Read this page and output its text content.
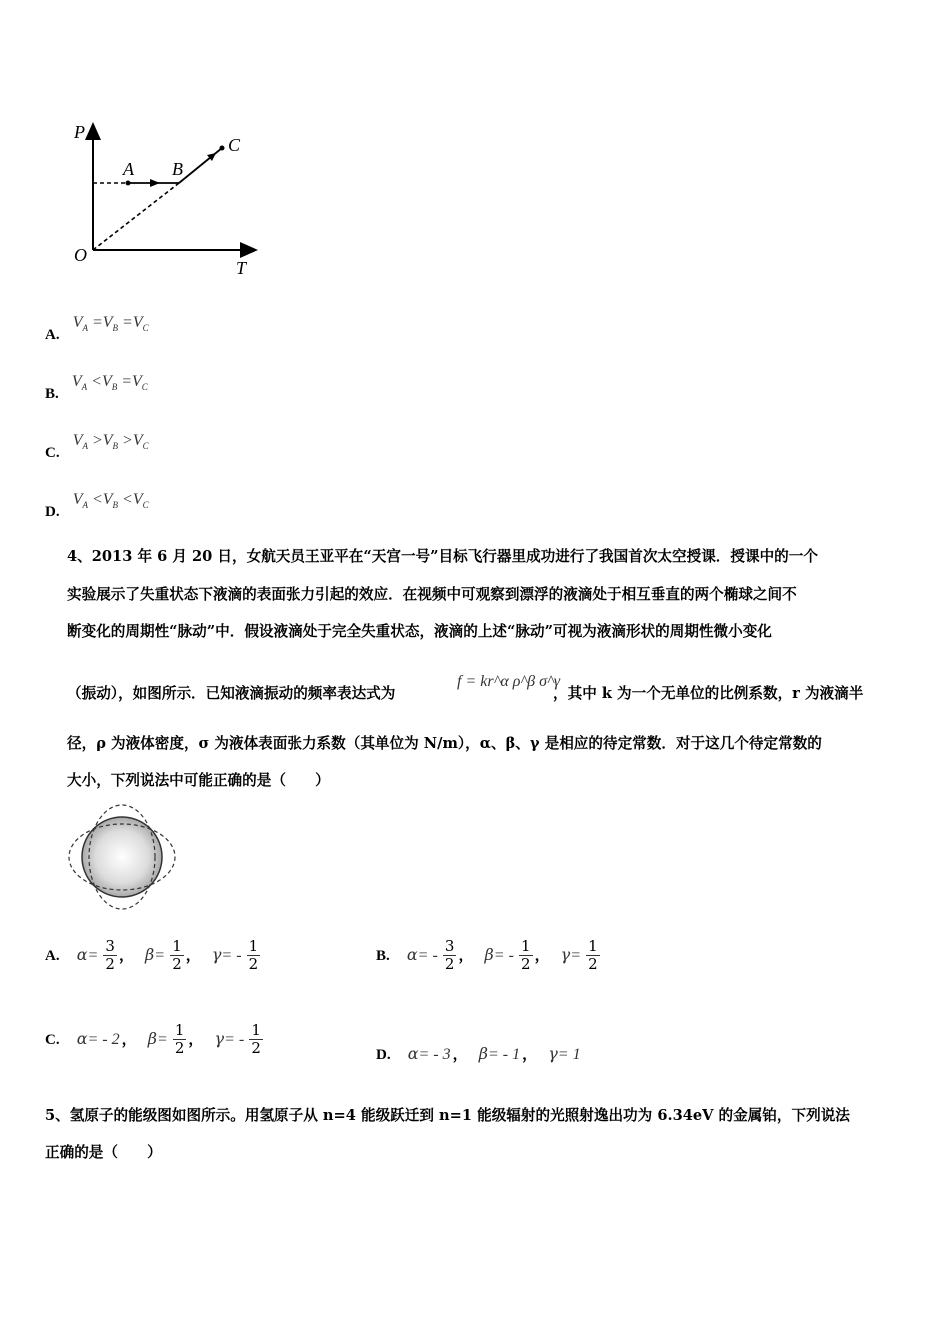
P
T
O
A B
C
A. $V_A =V_B =V_C$
B. $V_A <V_B =V_C$
C. $V_A >V_B >V_C$
D. $V_A <V_B <V_C$
4、2013 年 6 月 20 日，女航天员王亚平在“天宫一号”目标飞行器里成功进行了我国首次太空授课．授课中的一个
实验展示了失重状态下液滴的表面张力引起的效应．在视频中可观察到漂浮的液滴处于相互垂直的两个椭球之间不
断变化的周期性“脉动”中．假设液滴处于完全失重状态，液滴的上述“脉动”可视为液滴形状的周期性微小变化
（振动），如图所示．已知液滴振动的频率表达式为
f = kr^α ρ^β σ^γ
，其中 k 为一个无单位的比例系数，r 为液滴半
径，ρ 为液体密度，σ 为液体表面张力系数（其单位为 N/m），α、β、γ 是相应的待定常数．对于这几个待定常数的
大小，下列说法中可能正确的是（　　）
A. $\alpha= \frac{3}{2}$ ， $\beta= \frac{1}{2}$ ， $\gamma= - \frac{1}{2}$	B. $\alpha= - \frac{3}{2}$ ， $\beta= - \frac{1}{2}$ ， $\gamma= \frac{1}{2}$
C. α= - 2 ， $\beta= \frac{1}{2}$ ， $\gamma= - \frac{1}{2}$	D. α= - 3 ， β= - 1 ， γ= 1
5、氢原子的能级图如图所示。用氢原子从 n=4 能级跃迁到 n=1 能级辐射的光照射逸出功为 6.34eV 的金属铂，下列说法
正确的是（　　）
